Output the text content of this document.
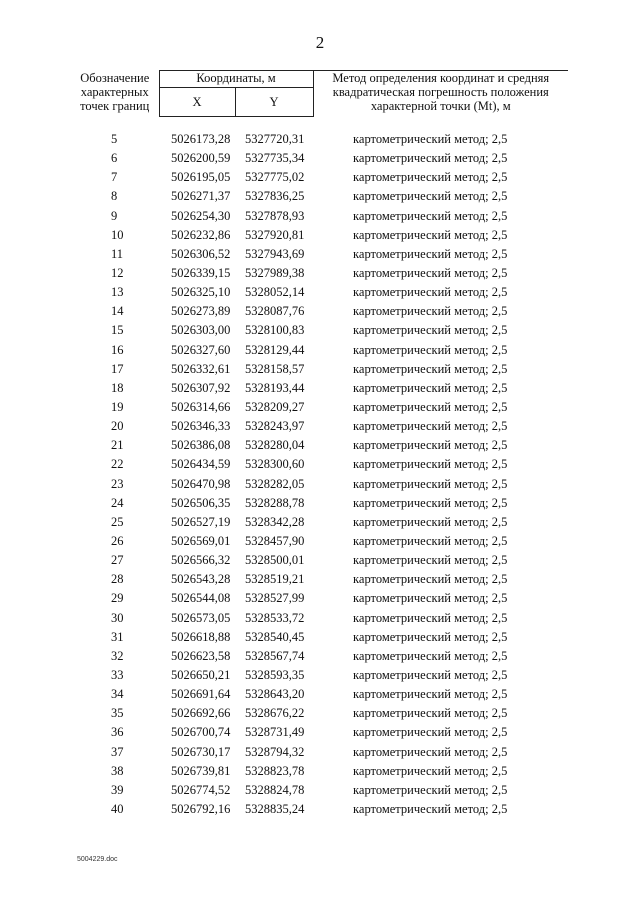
2
Обозначение характерных точек границ	Координаты, м		Метод определения координат и средняя квадратическая погрешность положения характерной точки (Mt), м
	X	Y	

5	5026173,28	5327720,31	картометрический метод; 2,5
6	5026200,59	5327735,34	картометрический метод; 2,5
7	5026195,05	5327775,02	картометрический метод; 2,5
8	5026271,37	5327836,25	картометрический метод; 2,5
9	5026254,30	5327878,93	картометрический метод; 2,5
10	5026232,86	5327920,81	картометрический метод; 2,5
11	5026306,52	5327943,69	картометрический метод; 2,5
12	5026339,15	5327989,38	картометрический метод; 2,5
13	5026325,10	5328052,14	картометрический метод; 2,5
14	5026273,89	5328087,76	картометрический метод; 2,5
15	5026303,00	5328100,83	картометрический метод; 2,5
16	5026327,60	5328129,44	картометрический метод; 2,5
17	5026332,61	5328158,57	картометрический метод; 2,5
18	5026307,92	5328193,44	картометрический метод; 2,5
19	5026314,66	5328209,27	картометрический метод; 2,5
20	5026346,33	5328243,97	картометрический метод; 2,5
21	5026386,08	5328280,04	картометрический метод; 2,5
22	5026434,59	5328300,60	картометрический метод; 2,5
23	5026470,98	5328282,05	картометрический метод; 2,5
24	5026506,35	5328288,78	картометрический метод; 2,5
25	5026527,19	5328342,28	картометрический метод; 2,5
26	5026569,01	5328457,90	картометрический метод; 2,5
27	5026566,32	5328500,01	картометрический метод; 2,5
28	5026543,28	5328519,21	картометрический метод; 2,5
29	5026544,08	5328527,99	картометрический метод; 2,5
30	5026573,05	5328533,72	картометрический метод; 2,5
31	5026618,88	5328540,45	картометрический метод; 2,5
32	5026623,58	5328567,74	картометрический метод; 2,5
33	5026650,21	5328593,35	картометрический метод; 2,5
34	5026691,64	5328643,20	картометрический метод; 2,5
35	5026692,66	5328676,22	картометрический метод; 2,5
36	5026700,74	5328731,49	картометрический метод; 2,5
37	5026730,17	5328794,32	картометрический метод; 2,5
38	5026739,81	5328823,78	картометрический метод; 2,5
39	5026774,52	5328824,78	картометрический метод; 2,5
40	5026792,16	5328835,24	картометрический метод; 2,5
5004229.doc
